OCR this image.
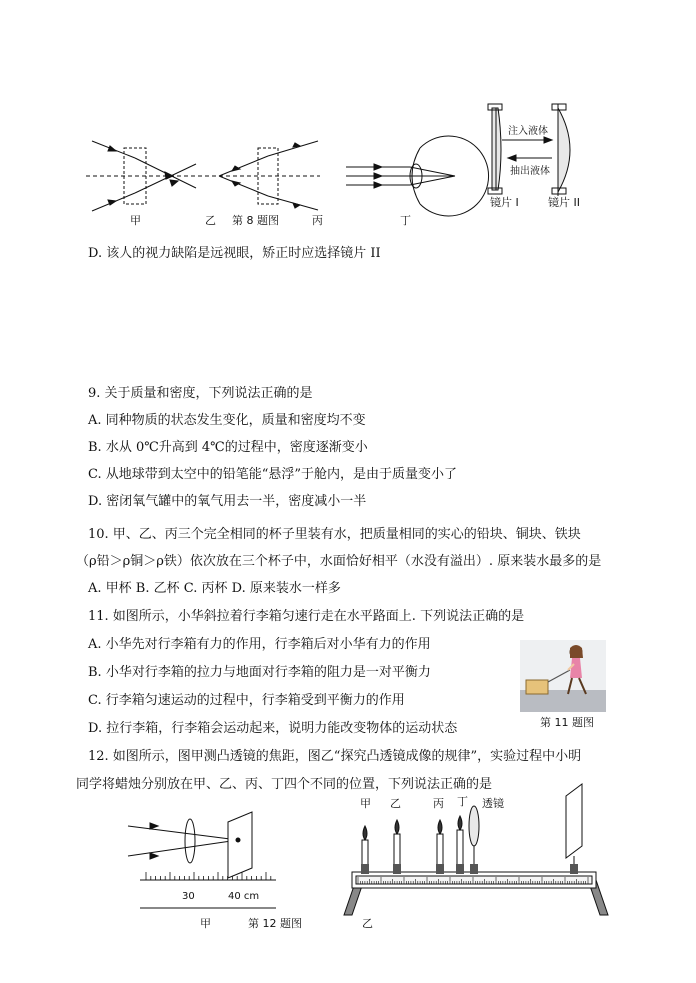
注入液体
抽出液体
甲	乙 第 8 题图	丙	丁
镜片 I	镜片 II
D. 该人的视力缺陷是远视眼，矫正时应选择镜片 II
9. 关于质量和密度，下列说法正确的是
A. 同种物质的状态发生变化，质量和密度均不变
B. 水从 0℃升高到 4℃的过程中，密度逐渐变小
C. 从地球带到太空中的铅笔能“悬浮”于舱内，是由于质量变小了
D. 密闭氧气罐中的氧气用去一半，密度减小一半
10. 甲、乙、丙三个完全相同的杯子里装有水，把质量相同的实心的铅块、铜块、铁块
（ρ铅＞ρ铜＞ρ铁）依次放在三个杯子中，水面恰好相平（水没有溢出）. 原来装水最多的是
A. 甲杯 B. 乙杯 C. 丙杯 D. 原来装水一样多
11. 如图所示，小华斜拉着行李箱匀速行走在水平路面上. 下列说法正确的是
A. 小华先对行李箱有力的作用，行李箱后对小华有力的作用
B. 小华对行李箱的拉力与地面对行李箱的阻力是一对平衡力
C. 行李箱匀速运动的过程中，行李箱受到平衡力的作用
D. 拉行李箱，行李箱会运动起来，说明力能改变物体的运动状态	第 11 题图
12. 如图所示，图甲测凸透镜的焦距，图乙“探究凸透镜成像的规律”，实验过程中小明
同学将蜡烛分别放在甲、乙、丙、丁四个不同的位置，下列说法正确的是
30	40 cm
甲 乙	丙 丁 透镜
甲	第 12 题图	乙
